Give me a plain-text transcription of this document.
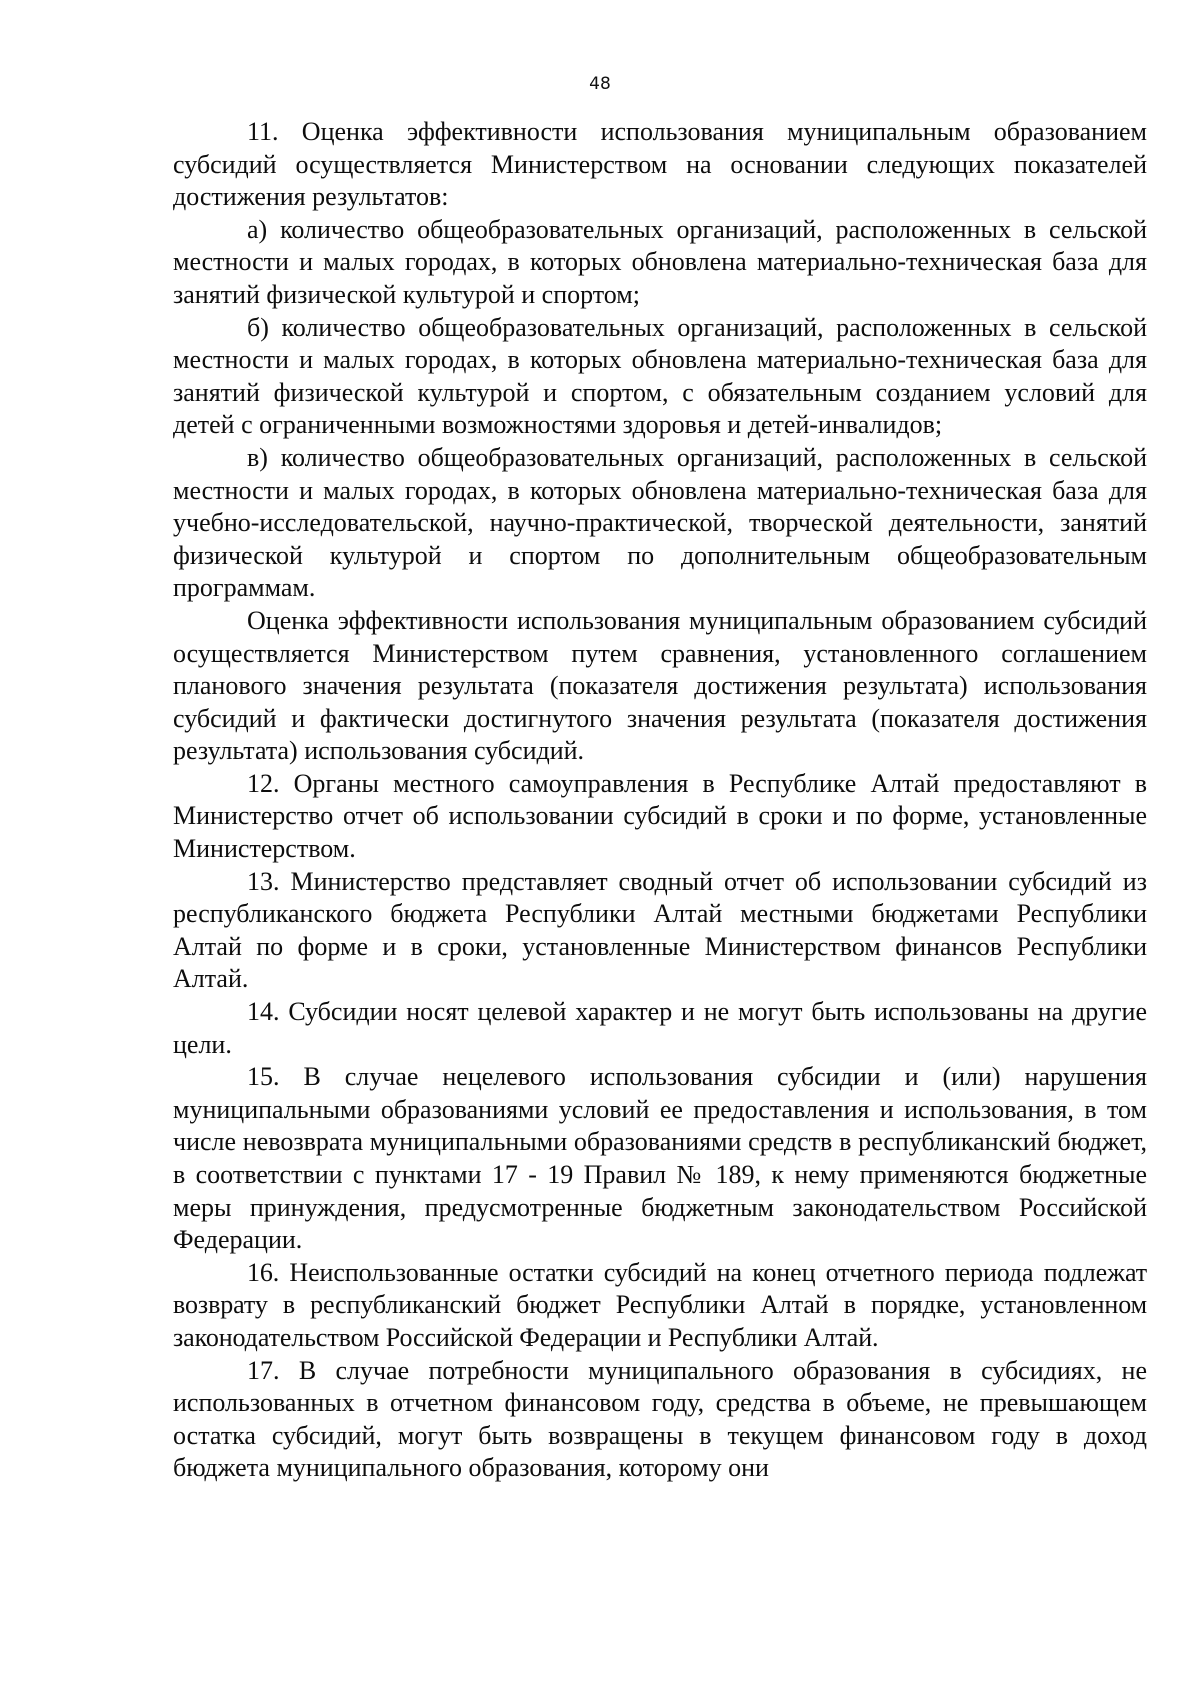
48

11. Оценка эффективности использования муниципальным образованием субсидий осуществляется Министерством на основании следующих показателей достижения результатов:

а) количество общеобразовательных организаций, расположенных в сельской местности и малых городах, в которых обновлена материально-техническая база для занятий физической культурой и спортом;

б) количество общеобразовательных организаций, расположенных в сельской местности и малых городах, в которых обновлена материально-техническая база для занятий физической культурой и спортом, с обязательным созданием условий для детей с ограниченными возможностями здоровья и детей-инвалидов;

в) количество общеобразовательных организаций, расположенных в сельской местности и малых городах, в которых обновлена материально-техническая база для учебно-исследовательской, научно-практической, творческой деятельности, занятий физической культурой и спортом по дополнительным общеобразовательным программам.

Оценка эффективности использования муниципальным образованием субсидий осуществляется Министерством путем сравнения, установленного соглашением планового значения результата (показателя достижения результата) использования субсидий и фактически достигнутого значения результата (показателя достижения результата) использования субсидий.

12. Органы местного самоуправления в Республике Алтай предоставляют в Министерство отчет об использовании субсидий в сроки и по форме, установленные Министерством.

13. Министерство представляет сводный отчет об использовании субсидий из республиканского бюджета Республики Алтай местными бюджетами Республики Алтай по форме и в сроки, установленные Министерством финансов Республики Алтай.

14. Субсидии носят целевой характер и не могут быть использованы на другие цели.

15. В случае нецелевого использования субсидии и (или) нарушения муниципальными образованиями условий ее предоставления и использования, в том числе невозврата муниципальными образованиями средств в республиканский бюджет, в соответствии с пунктами 17 - 19 Правил № 189, к нему применяются бюджетные меры принуждения, предусмотренные бюджетным законодательством Российской Федерации.

16. Неиспользованные остатки субсидий на конец отчетного периода подлежат возврату в республиканский бюджет Республики Алтай в порядке, установленном законодательством Российской Федерации и Республики Алтай.

17. В случае потребности муниципального образования в субсидиях, не использованных в отчетном финансовом году, средства в объеме, не превышающем остатка субсидий, могут быть возвращены в текущем финансовом году в доход бюджета муниципального образования, которому они
